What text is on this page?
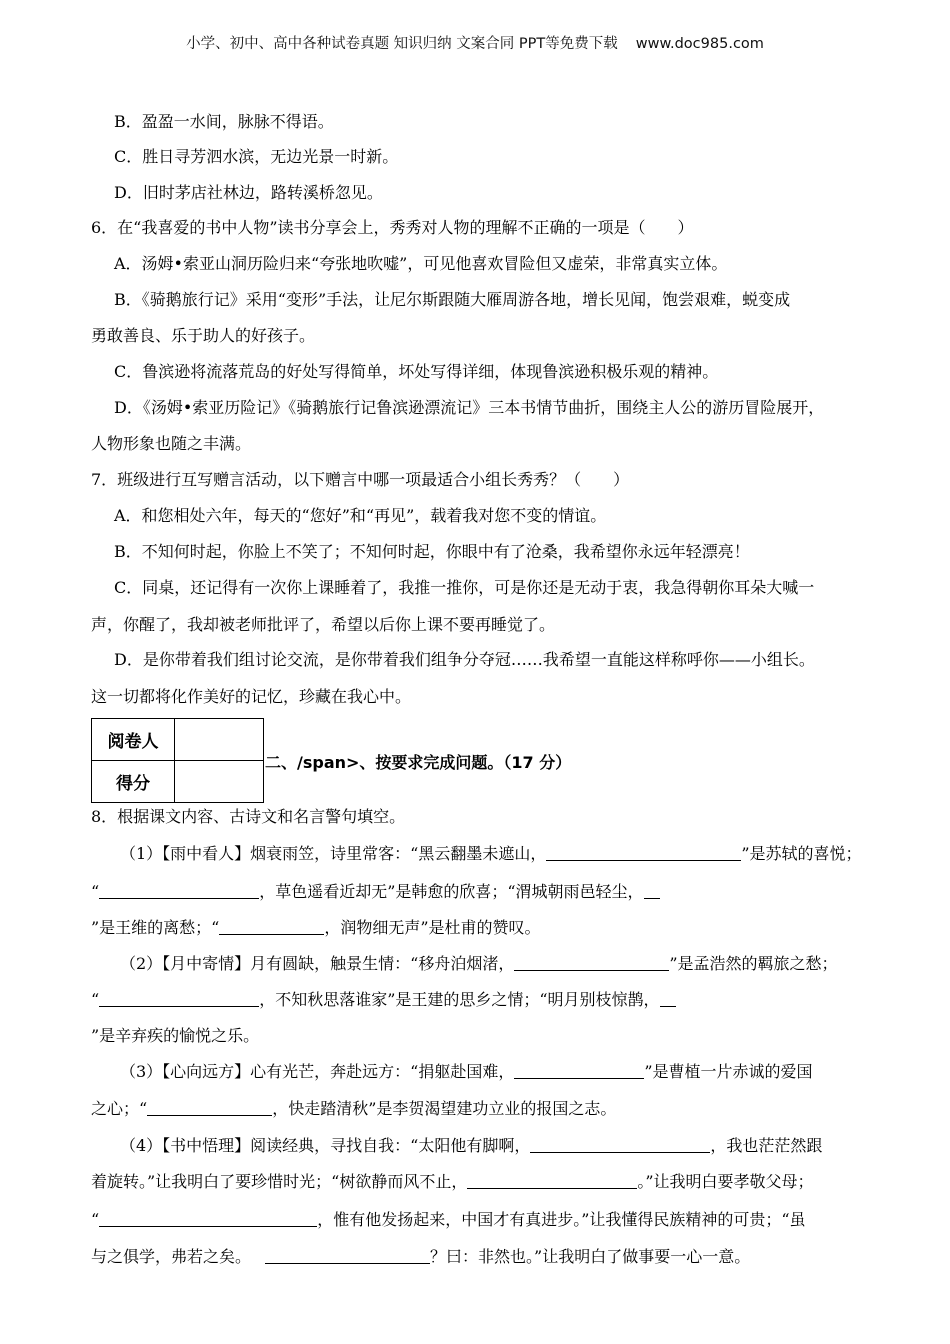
小学、初中、高中各种试卷真题 知识归纳 文案合同 PPT等免费下载 www.doc985.com
B．盈盈一水间，脉脉不得语。
C．胜日寻芳泗水滨，无边光景一时新。
D．旧时茅店社林边，路转溪桥忽见。
6．在“我喜爱的书中人物”读书分享会上，秀秀对人物的理解不正确的一项是（　　）
A．汤姆•索亚山洞历险归来“夸张地吹嘘”，可见他喜欢冒险但又虚荣，非常真实立体。
B．《骑鹅旅行记》采用“变形”手法，让尼尔斯跟随大雁周游各地，增长见闻，饱尝艰难，蜕变成
勇敢善良、乐于助人的好孩子。
C．鲁滨逊将流落荒岛的好处写得简单，坏处写得详细，体现鲁滨逊积极乐观的精神。
D．《汤姆•索亚历险记》《骑鹅旅行记鲁滨逊漂流记》三本书情节曲折，围绕主人公的游历冒险展开，
人物形象也随之丰满。
7．班级进行互写赠言活动，以下赠言中哪一项最适合小组长秀秀？（　　）
A．和您相处六年，每天的“您好”和“再见”，载着我对您不变的情谊。
B．不知何时起，你脸上不笑了；不知何时起，你眼中有了沧桑，我希望你永远年轻漂亮！
C．同桌，还记得有一次你上课睡着了，我推一推你，可是你还是无动于衷，我急得朝你耳朵大喊一
声，你醒了，我却被老师批评了，希望以后你上课不要再睡觉了。
D．是你带着我们组讨论交流，是你带着我们组争分夺冠……我希望一直能这样称呼你——小组长。
这一切都将化作美好的记忆，珍藏在我心中。
阅卷人	
得分	
二、/span>、按要求完成问题。（17 分）
8．根据课文内容、古诗文和名言警句填空。
（1）【雨中看人】烟衰雨笠，诗里常客：“黑云翻墨未遮山，	”是苏轼的喜悦；
“	，草色遥看近却无”是韩愈的欣喜；“渭城朝雨邑轻尘，
”是王维的离愁；“	，润物细无声”是杜甫的赞叹。
（2）【月中寄情】月有圆缺，触景生情：“移舟泊烟渚，	”是孟浩然的羁旅之愁；
“	，不知秋思落谁家”是王建的思乡之情；“明月别枝惊鹊，
”是辛弃疾的愉悦之乐。
（3）【心向远方】心有光芒，奔赴远方：“捐躯赴国难，	”是曹植一片赤诚的爱国
之心；“	，快走踏清秋”是李贺渴望建功立业的报国之志。
（4）【书中悟理】阅读经典，寻找自我：“太阳他有脚啊，	，我也茫茫然跟
着旋转。”让我明白了要珍惜时光；“树欲静而风不止，	。”让我明白要孝敬父母；
“	，惟有他发扬起来，中国才有真进步。”让我懂得民族精神的可贵；“虽
与之俱学，弗若之矣。	？曰：非然也。”让我明白了做事要一心一意。
